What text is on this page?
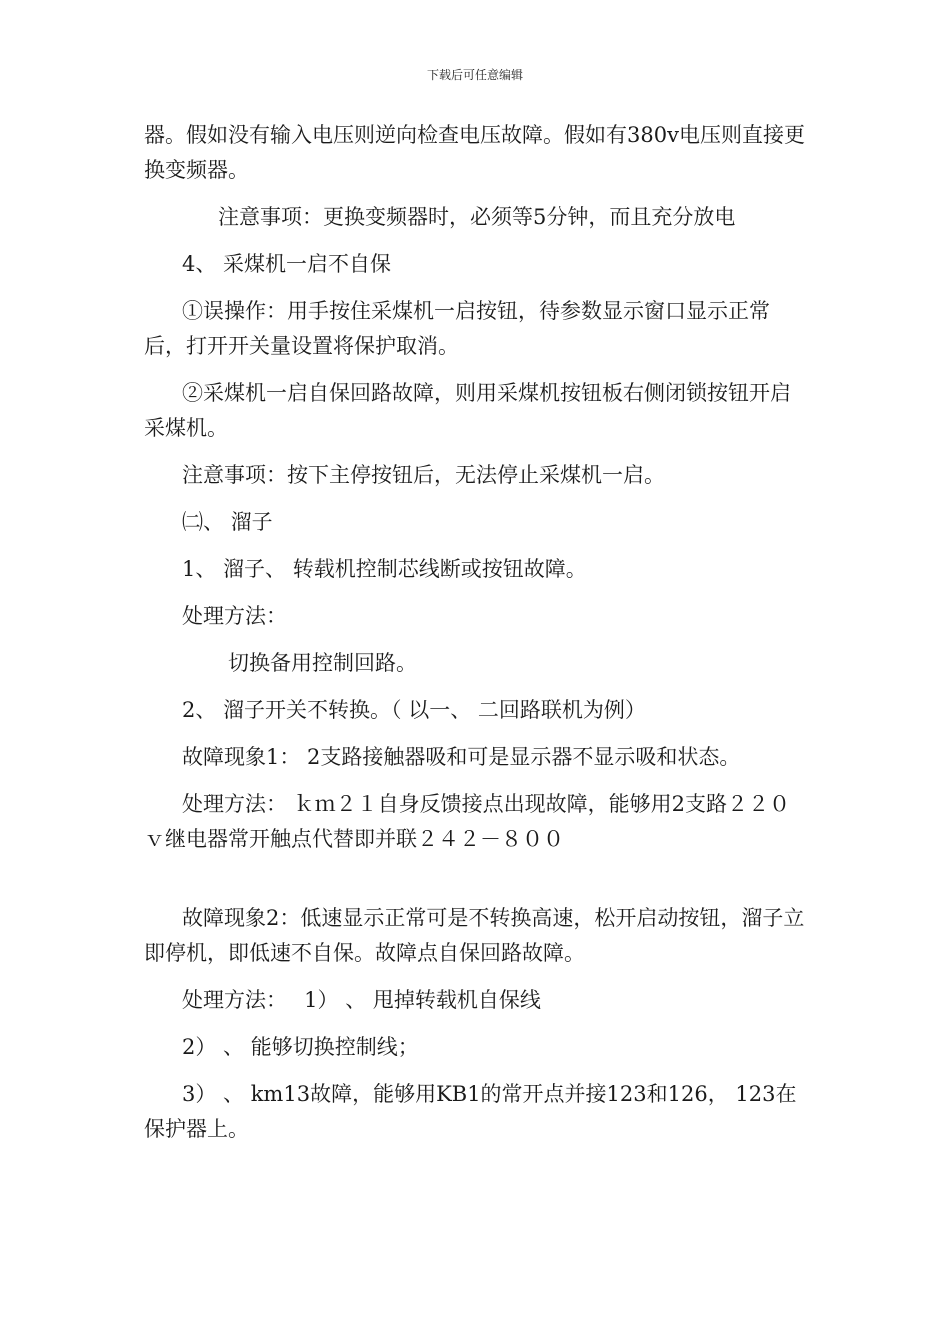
下载后可任意编辑

器。假如没有输入电压则逆向检查电压故障。假如有380v电压则直接更换变频器。

注意事项：更换变频器时，必须等5分钟，而且充分放电

4、 采煤机一启不自保

①误操作：用手按住采煤机一启按钮，待参数显示窗口显示正常后，打开开关量设置将保护取消。

②采煤机一启自保回路故障，则用采煤机按钮板右侧闭锁按钮开启采煤机。

注意事项：按下主停按钮后，无法停止采煤机一启。

㈡、 溜子

1、 溜子、 转载机控制芯线断或按钮故障。

处理方法：

切换备用控制回路。

2、 溜子开关不转换。（ 以一、 二回路联机为例）

故障现象1： 2支路接触器吸和可是显示器不显示吸和状态。

处理方法： ｋｍ２１自身反馈接点出现故障，能够用2支路２２０ｖ继电器常开触点代替即并联２４２－８００

故障现象2：低速显示正常可是不转换高速，松开启动按钮，溜子立即停机，即低速不自保。故障点自保回路故障。

处理方法：　 1） 、 甩掉转载机自保线

2） 、 能够切换控制线；

3） 、 km13故障，能够用KB1的常开点并接123和126， 123在保护器上。
